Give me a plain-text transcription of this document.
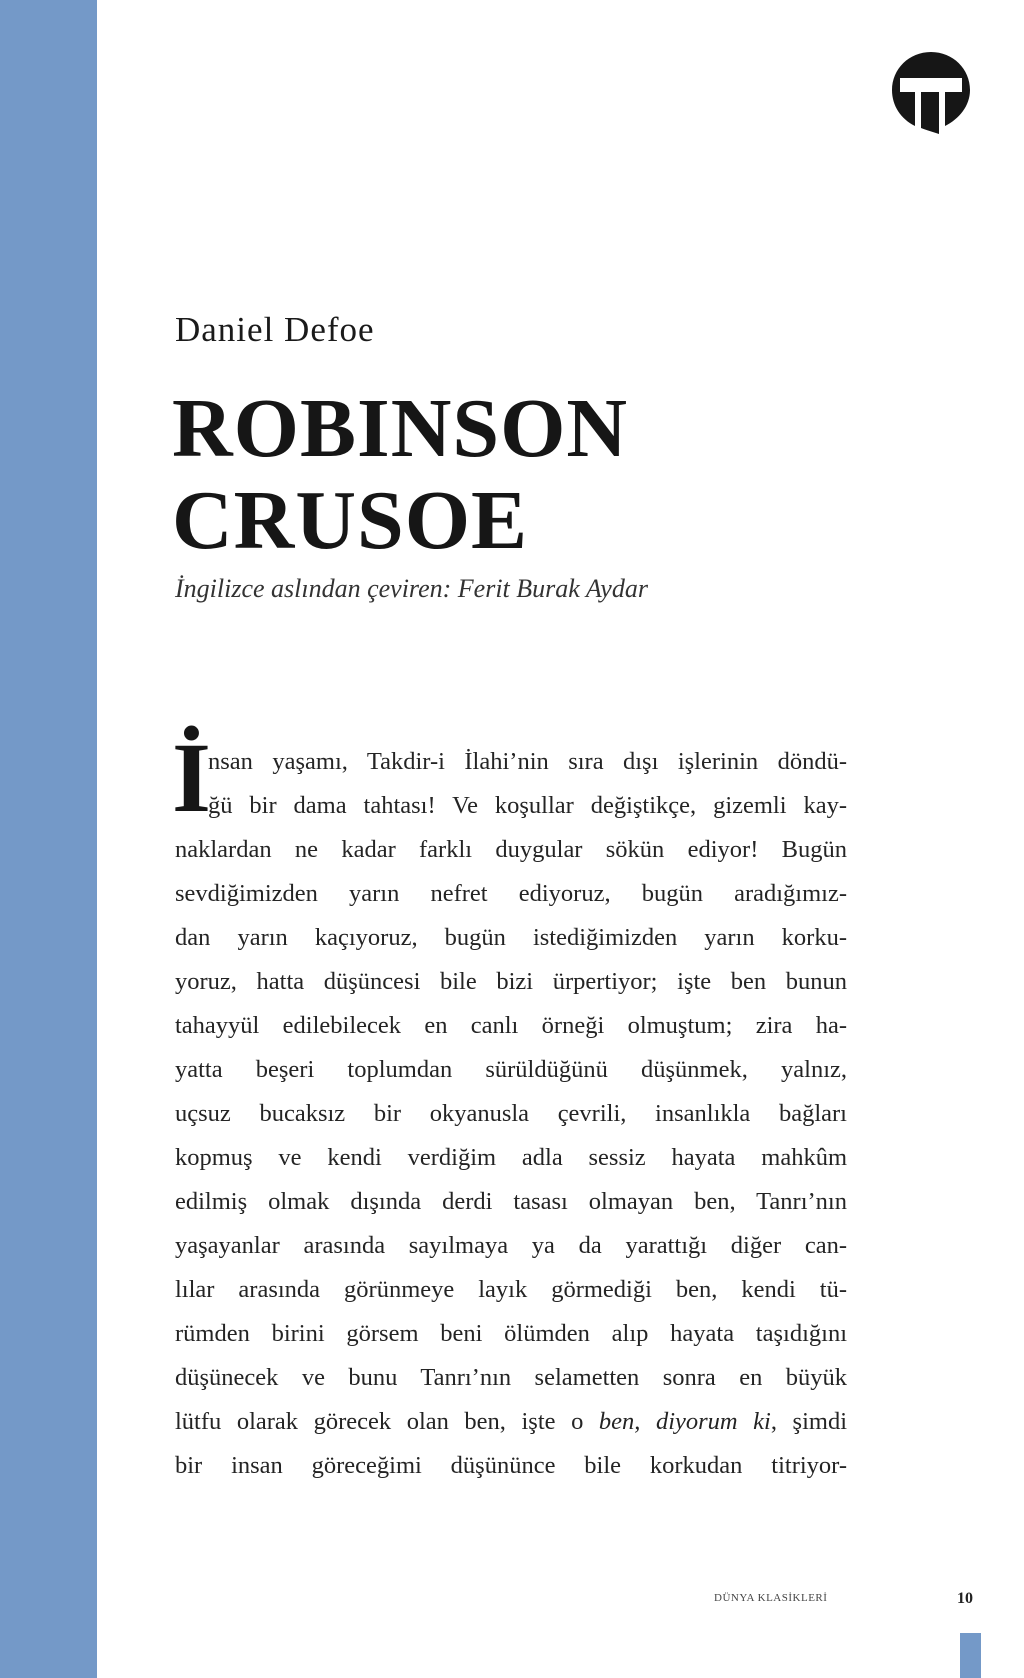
Daniel Defoe
ROBINSON
CRUSOE

İngilizce aslından çeviren: Ferit Burak Aydar

İ
nsan yaşamı, Takdir-i İlahi’nin sıra dışı işlerinin döndü-
ğü bir dama tahtası! Ve koşullar değiştikçe, gizemli kay-
naklardan ne kadar farklı duygular sökün ediyor! Bugün
sevdiğimizden yarın nefret ediyoruz, bugün aradığımız-
dan yarın kaçıyoruz, bugün istediğimizden yarın korku-
yoruz, hatta düşüncesi bile bizi ürpertiyor; işte ben bunun
tahayyül edilebilecek en canlı örneği olmuştum; zira ha-
yatta beşeri toplumdan sürüldüğünü düşünmek, yalnız,
uçsuz bucaksız bir okyanusla çevrili, insanlıkla bağları
kopmuş ve kendi verdiğim adla sessiz hayata mahkûm
edilmiş olmak dışında derdi tasası olmayan ben, Tanrı’nın
yaşayanlar arasında sayılmaya ya da yarattığı diğer can-
lılar arasında görünmeye layık görmediği ben, kendi tü-
rümden birini görsem beni ölümden alıp hayata taşıdığını
düşünecek ve bunu Tanrı’nın selametten sonra en büyük
lütfu olarak görecek olan ben, işte o ben, diyorum ki, şimdi
bir insan göreceğimi düşününce bile korkudan titriyor-
DÜNYA KLASİKLERİ	10
